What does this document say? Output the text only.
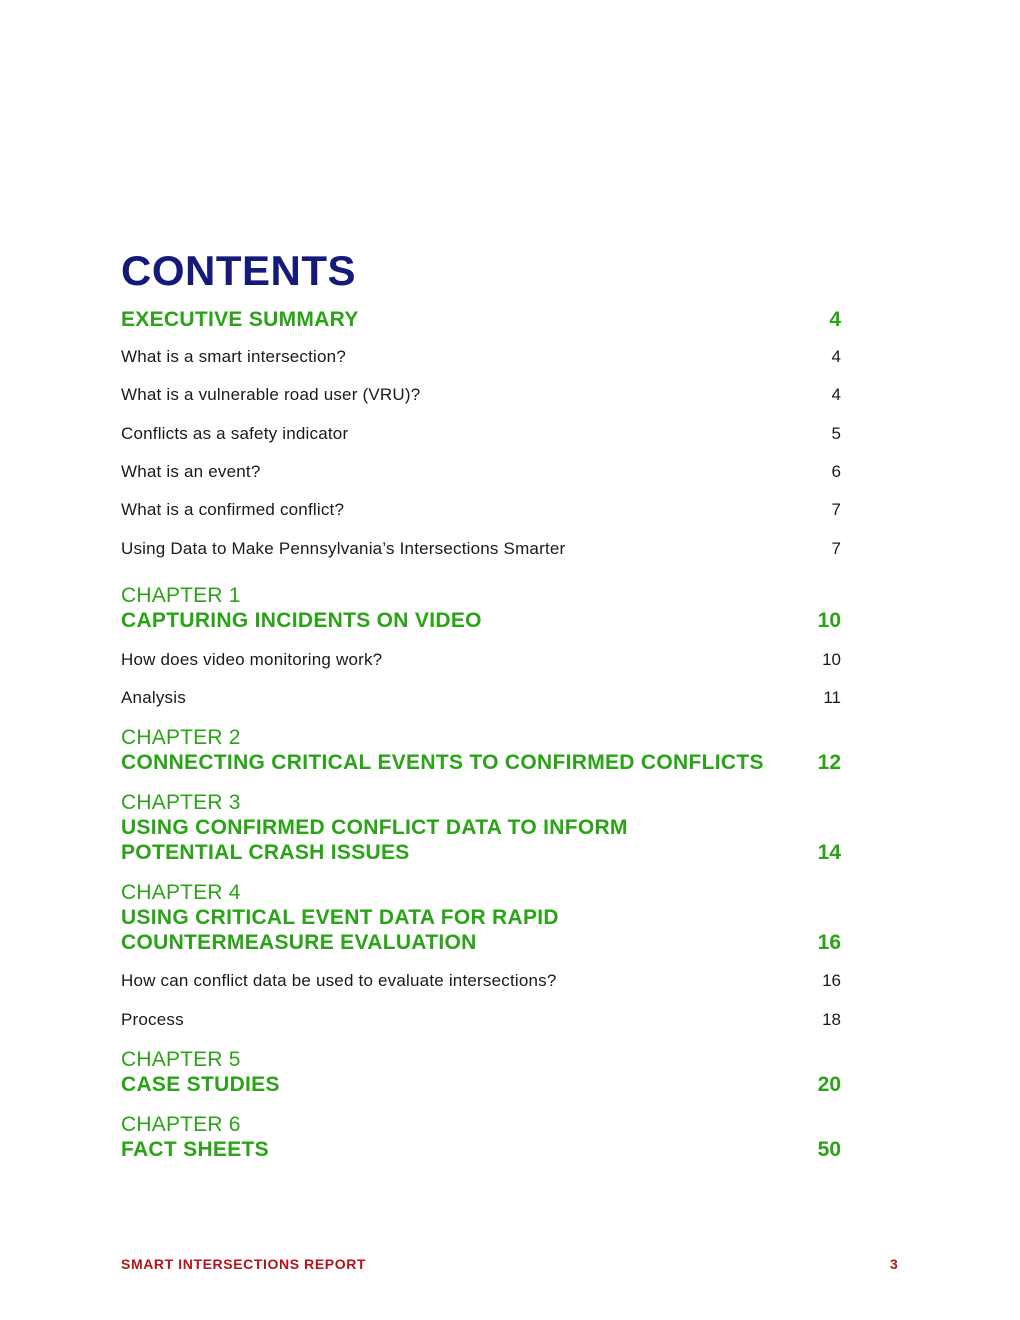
CONTENTS
EXECUTIVE SUMMARY	4
What is a smart intersection?	4
What is a vulnerable road user (VRU)?	4
Conflicts as a safety indicator	5
What is an event?	6
What is a confirmed conflict?	7
Using Data to Make Pennsylvania’s Intersections Smarter	7
CHAPTER 1
CAPTURING INCIDENTS ON VIDEO	10
How does video monitoring work?	10
Analysis	11
CHAPTER 2
CONNECTING CRITICAL EVENTS TO CONFIRMED CONFLICTS	12
CHAPTER 3
USING CONFIRMED CONFLICT DATA TO INFORM
POTENTIAL CRASH ISSUES	14
CHAPTER 4
USING CRITICAL EVENT DATA FOR RAPID
COUNTERMEASURE EVALUATION	16
How can conflict data be used to evaluate intersections?	16
Process	18
CHAPTER 5
CASE STUDIES	20
CHAPTER 6
FACT SHEETS	50
SMART INTERSECTIONS REPORT	3
